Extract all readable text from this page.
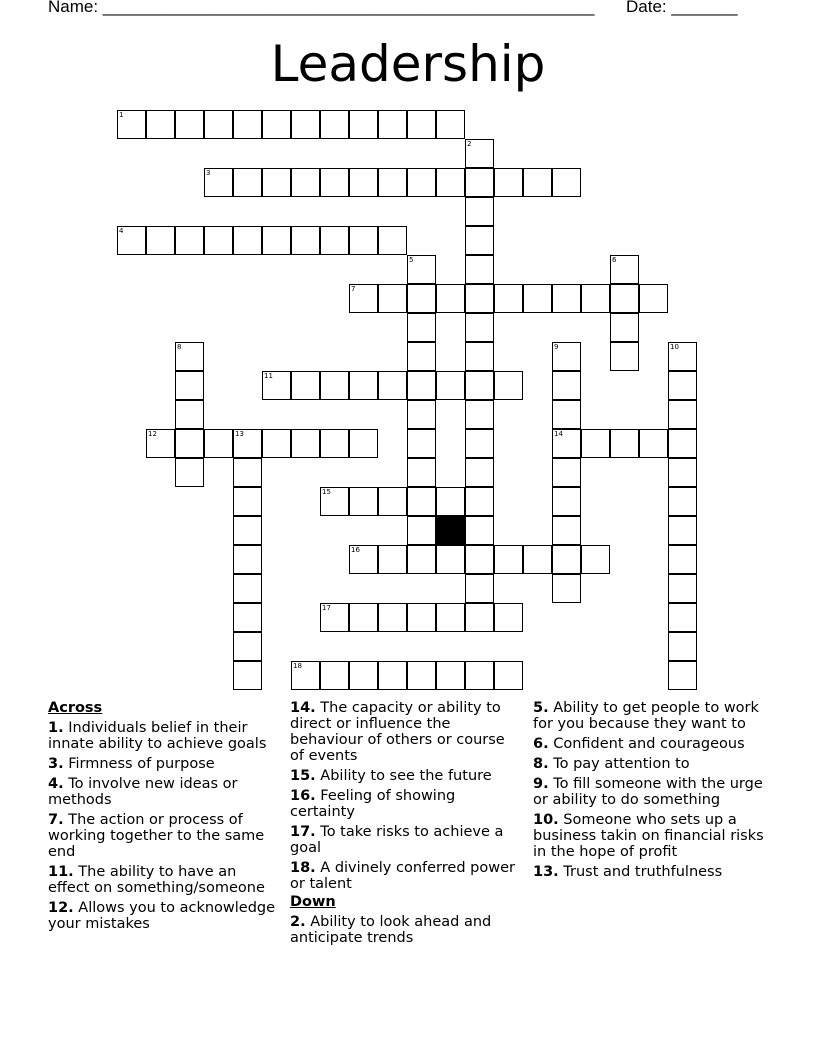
Name: ____________________________________________________ Date: _______
Leadership
1
2
3
4
5	6
7
8	9
14
10
11
12	13
15
16
17
18
Across
1. Individuals belief in their innate ability to achieve goals
3. Firmness of purpose
4. To involve new ideas or methods
7. The action or process of working together to the same end
11. The ability to have an effect on something/someone
12. Allows you to acknowledge your mistakes
14. The capacity or ability to direct or influence the behaviour of others or course of events
15. Ability to see the future
16. Feeling of showing certainty
17. To take risks to achieve a goal
18. A divinely conferred power or talent
Down
2. Ability to look ahead and anticipate trends
5. Ability to get people to work for you because they want to
6. Confident and courageous
8. To pay attention to
9. To fill someone with the urge or ability to do something
10. Someone who sets up a business takin on financial risks in the hope of profit
13. Trust and truthfulness
